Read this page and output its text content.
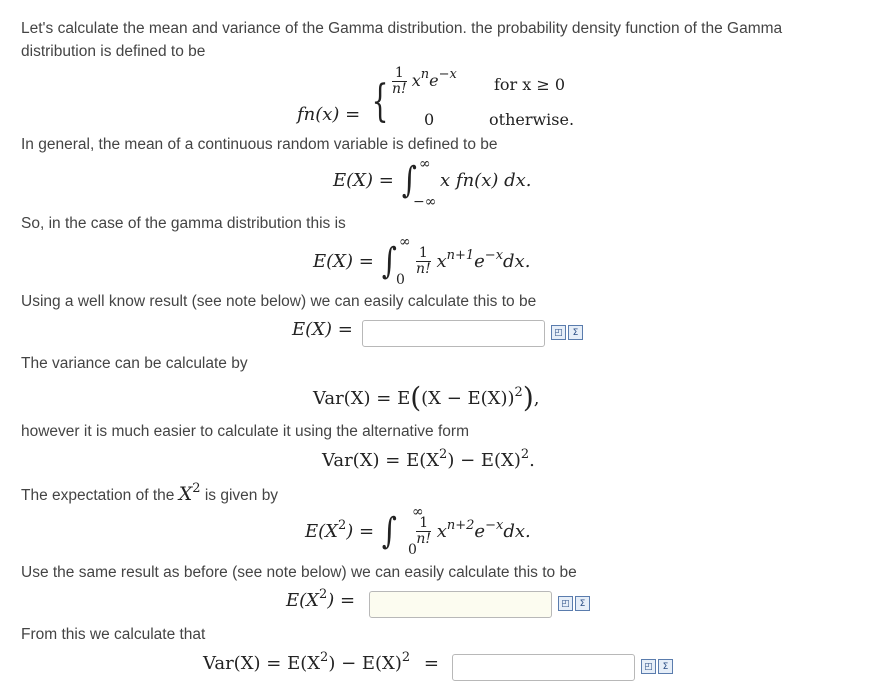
Let's calculate the mean and variance of the Gamma distribution. the probability density function of the Gamma
distribution is defined to be
fn(x) = { $\frac{1}{n!} x^ne^{-x}$
for x ≥ 0
0	otherwise.
In general, the mean of a continuous random variable is defined to be
E(X) = ∫ ∞
−∞
x fn(x) dx.
So, in the case of the gamma distribution this is
E(X) = ∫ ∞
0
$\frac{1}{n!} x^{n+1}e^{-x}dx$.
Using a well know result (see note below) we can easily calculate this to be
E(X) =	◰	Σ
The variance can be calculate by
$Var(X) = E((X - E(X))^2)$,
however it is much easier to calculate it using the alternative form
$Var(X) = E(X^2) - E(X)^2$.
The expectation of the $X^2$ is given by
$E(X^2)$ = ∫ ∞
0
$\frac{1}{n!} x^{n+2}e^{-x}dx$.
Use the same result as before (see note below) we can easily calculate this to be
$E(X^2)$ =	◰	Σ
From this we calculate that
$Var(X) = E(X^2) - E(X)^2$ =	◰	Σ
